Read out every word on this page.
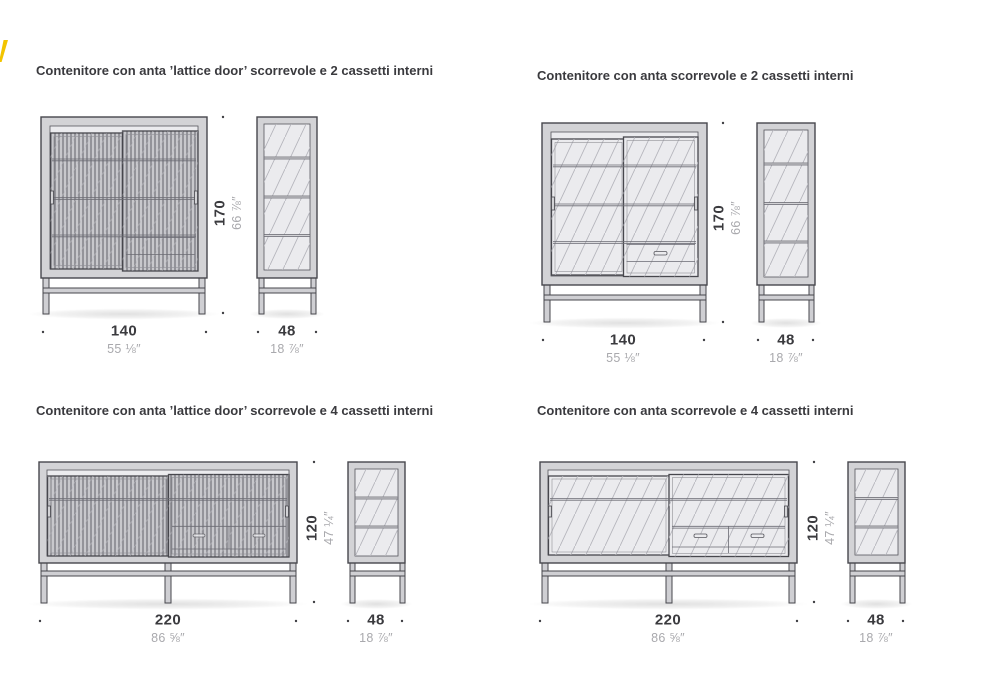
Contenitore con anta ’lattice door’ scorrevole e 2 cassetti interni
170 66 ⅞″
140
55 ⅛″
48
18 ⅞″
Contenitore con anta scorrevole e 2 cassetti interni
170 66 ⅞″
140
55 ⅛″
48
18 ⅞″
Contenitore con anta ’lattice door’ scorrevole e 4 cassetti interni
120 47 ¼″
220
86 ⅝″
48
18 ⅞″
Contenitore con anta scorrevole e 4 cassetti interni
120 47 ¼″
220
86 ⅝″
48
18 ⅞″
